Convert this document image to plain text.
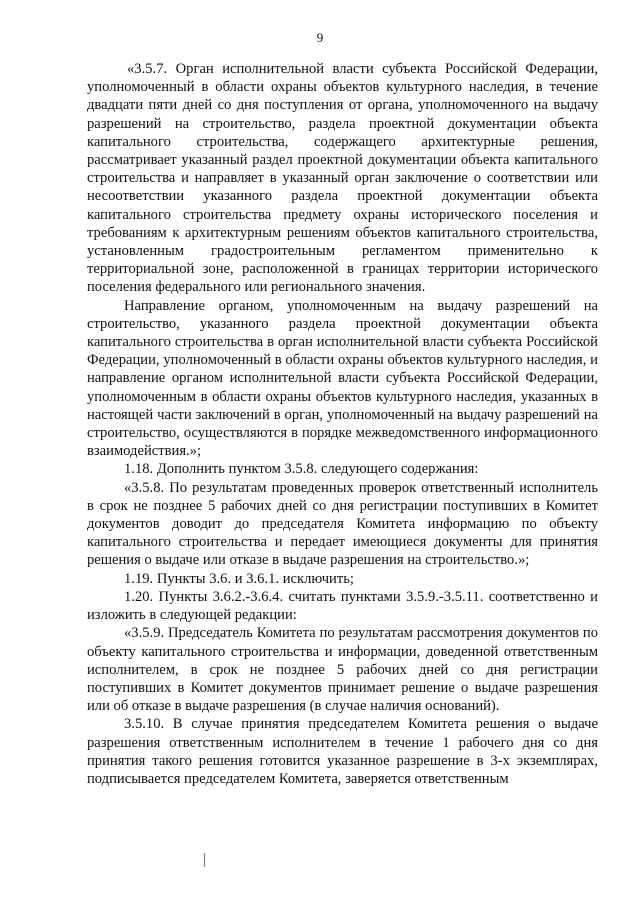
9

«3.5.7. Орган исполнительной власти субъекта Российской Федерации, уполномоченный в области охраны объектов культурного наследия, в течение двадцати пяти дней со дня поступления от органа, уполномоченного на выдачу разрешений на строительство, раздела проектной документации объекта капитального строительства, содержащего архитектурные решения, рассматривает указанный раздел проектной документации объекта капитального строительства и направляет в указанный орган заключение о соответствии или несоответствии указанного раздела проектной документации объекта капитального строительства предмету охраны исторического поселения и требованиям к архитектурным решениям объектов капитального строительства, установленным градостроительным регламентом применительно к территориальной зоне, расположенной в границах территории исторического поселения федерального или регионального значения.

Направление органом, уполномоченным на выдачу разрешений на строительство, указанного раздела проектной документации объекта капитального строительства в орган исполнительной власти субъекта Российской Федерации, уполномоченный в области охраны объектов культурного наследия, и направление органом исполнительной власти субъекта Российской Федерации, уполномоченным в области охраны объектов культурного наследия, указанных в настоящей части заключений в орган, уполномоченный на выдачу разрешений на строительство, осуществляются в порядке межведомственного информационного взаимодействия.»;

1.18. Дополнить пунктом 3.5.8. следующего содержания:

«3.5.8. По результатам проведенных проверок ответственный исполнитель в срок не позднее 5 рабочих дней со дня регистрации поступивших в Комитет документов доводит до председателя Комитета информацию по объекту капитального строительства и передает имеющиеся документы для принятия решения о выдаче или отказе в выдаче разрешения на строительство.»;

1.19. Пункты 3.6. и 3.6.1. исключить;

1.20. Пункты 3.6.2.-3.6.4. считать пунктами 3.5.9.-3.5.11. соответственно и изложить в следующей редакции:

«3.5.9. Председатель Комитета по результатам рассмотрения документов по объекту капитального строительства и информации, доведенной ответственным исполнителем, в срок не позднее 5 рабочих дней со дня регистрации поступивших в Комитет документов принимает решение о выдаче разрешения или об отказе в выдаче разрешения (в случае наличия оснований).

3.5.10. В случае принятия председателем Комитета решения о выдаче разрешения ответственным исполнителем в течение 1 рабочего дня со дня принятия такого решения готовится указанное разрешение в 3-х экземплярах, подписывается председателем Комитета, заверяется ответственным
